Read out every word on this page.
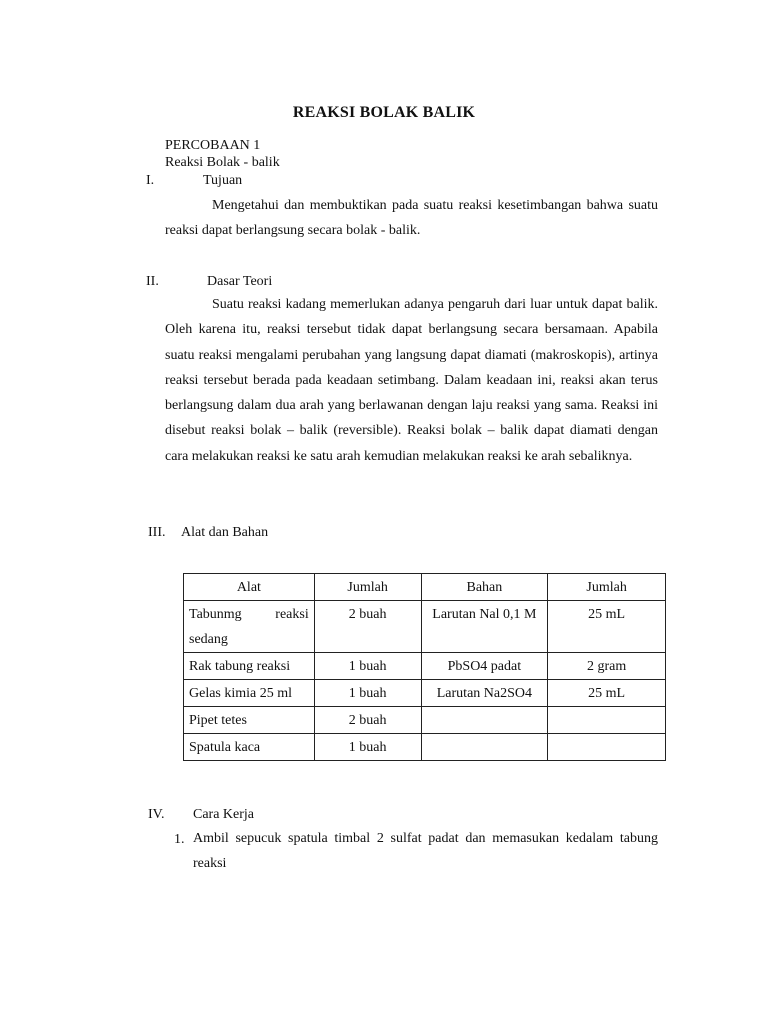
REAKSI BOLAK BALIK
PERCOBAAN 1
Reaksi Bolak - balik
I.	Tujuan

Mengetahui dan membuktikan pada suatu reaksi kesetimbangan bahwa suatu reaksi dapat berlangsung secara bolak - balik.

II.	Dasar Teori

Suatu reaksi kadang memerlukan adanya pengaruh dari luar untuk dapat balik. Oleh karena itu, reaksi tersebut tidak dapat berlangsung secara bersamaan. Apabila suatu reaksi mengalami perubahan yang langsung dapat diamati (makroskopis), artinya reaksi tersebut berada pada keadaan setimbang. Dalam keadaan ini, reaksi akan terus berlangsung dalam dua arah yang berlawanan dengan laju reaksi yang sama. Reaksi ini disebut reaksi bolak – balik (reversible). Reaksi bolak – balik dapat diamati dengan cara melakukan reaksi ke satu arah kemudian melakukan reaksi ke arah sebaliknya.

III. Alat dan Bahan
Alat	Jumlah	Bahan	Jumlah
Tabunmg reaksi sedang	2 buah	Larutan Nal 0,1 M	25 mL
Rak tabung reaksi	1 buah	PbSO4 padat	2 gram
Gelas kimia 25 ml	1 buah	Larutan Na2SO4	25 mL
Pipet tetes	2 buah		
Spatula kaca	1 buah		
IV. Cara Kerja
1. Ambil sepucuk spatula timbal 2 sulfat padat dan memasukan kedalam tabung reaksi
